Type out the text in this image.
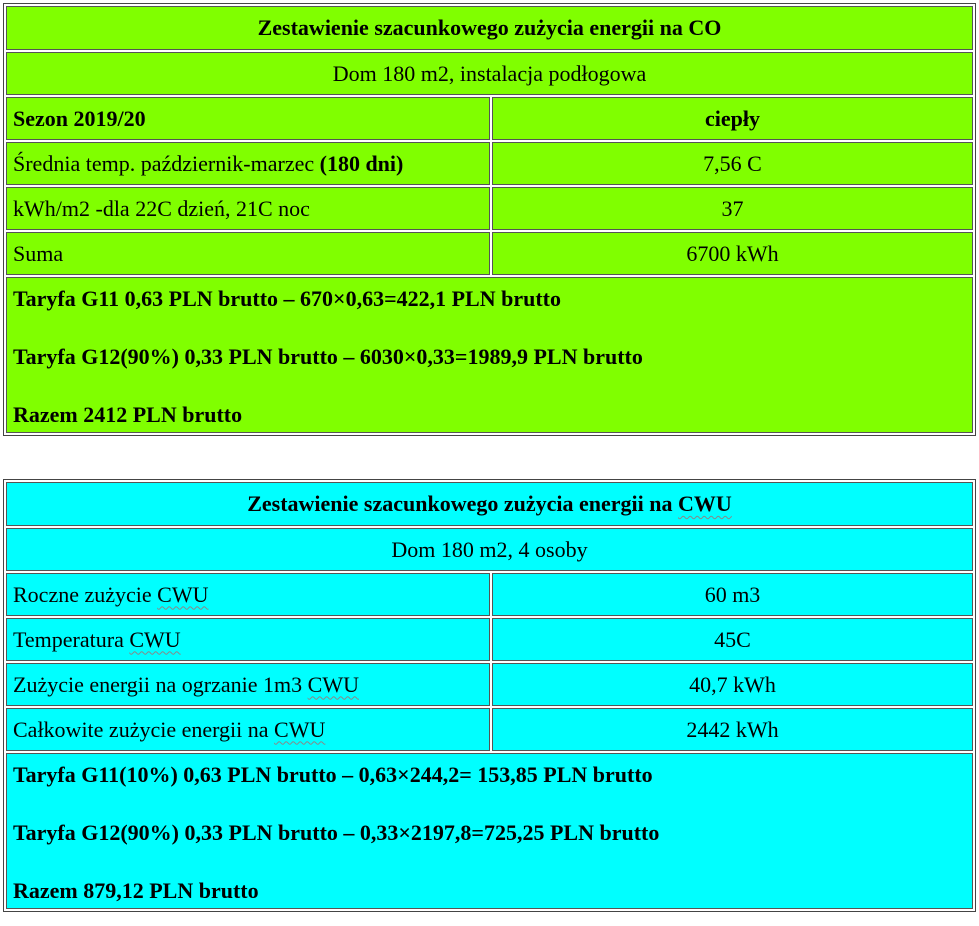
Zestawienie szacunkowego zużycia energii na CO	
Dom 180 m2, instalacja podłogowa	
Sezon 2019/20	ciepły
Średnia temp. październik-marzec (180 dni)	7,56 C
kWh/m2 -dla 22C dzień, 21C noc	37
Suma	6700 kWh

Taryfa G11 0,63 PLN brutto – 670×0,63=422,1 PLN brutto

Taryfa G12(90%) 0,33 PLN brutto – 6030×0,33=1989,9 PLN brutto

Razem 2412 PLN brutto	

Zestawienie szacunkowego zużycia energii na CWU	
Dom 180 m2, 4 osoby	
Roczne zużycie CWU	60 m3
Temperatura CWU	45C
Zużycie energii na ogrzanie 1m3 CWU	40,7 kWh
Całkowite zużycie energii na CWU	2442 kWh

Taryfa G11(10%) 0,63 PLN brutto – 0,63×244,2= 153,85 PLN brutto

Taryfa G12(90%) 0,33 PLN brutto – 0,33×2197,8=725,25 PLN brutto

Razem 879,12 PLN brutto	
